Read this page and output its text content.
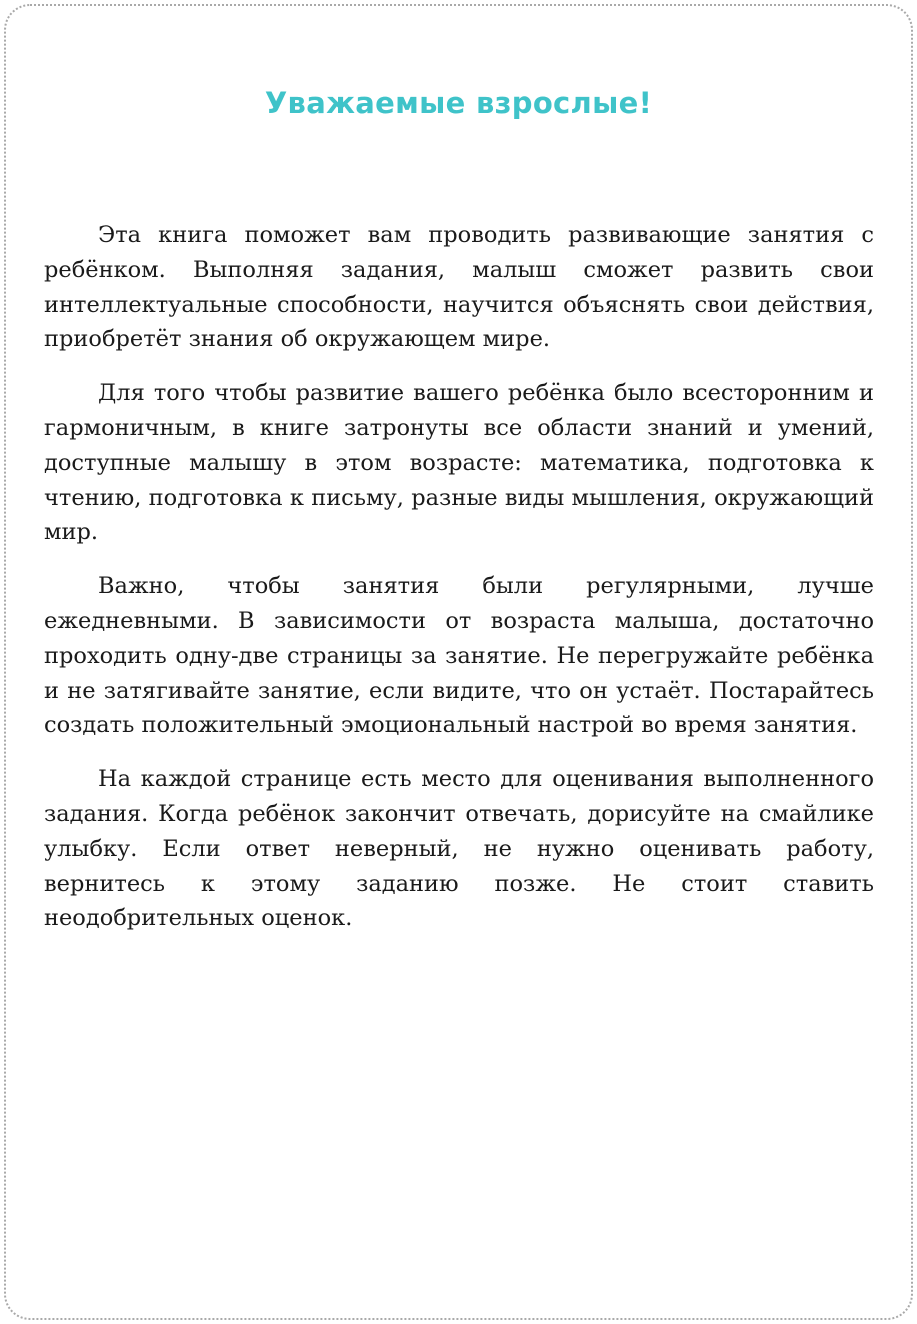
Уважаемые взрослые!

Эта книга поможет вам проводить развивающие занятия с ребёнком. Выполняя задания, малыш сможет развить свои интеллектуальные способности, научится объяснять свои действия, приобретёт знания об окружающем мире.

Для того чтобы развитие вашего ребёнка было всесторонним и гармоничным, в книге затронуты все области знаний и умений, доступные малышу в этом возрасте: математика, подготовка к чтению, подготовка к письму, разные виды мышления, окружающий мир.

Важно, чтобы занятия были регулярными, лучше ежедневными. В зависимости от возраста малыша, достаточно проходить одну-две страницы за занятие. Не перегружайте ребёнка и не затягивайте занятие, если видите, что он устаёт. Постарайтесь создать положительный эмоциональный настрой во время занятия.

На каждой странице есть место для оценивания выполненного задания. Когда ребёнок закончит отвечать, дорисуйте на смайлике улыбку. Если ответ неверный, не нужно оценивать работу, вернитесь к этому заданию позже. Не стоит ставить неодобрительных оценок.
